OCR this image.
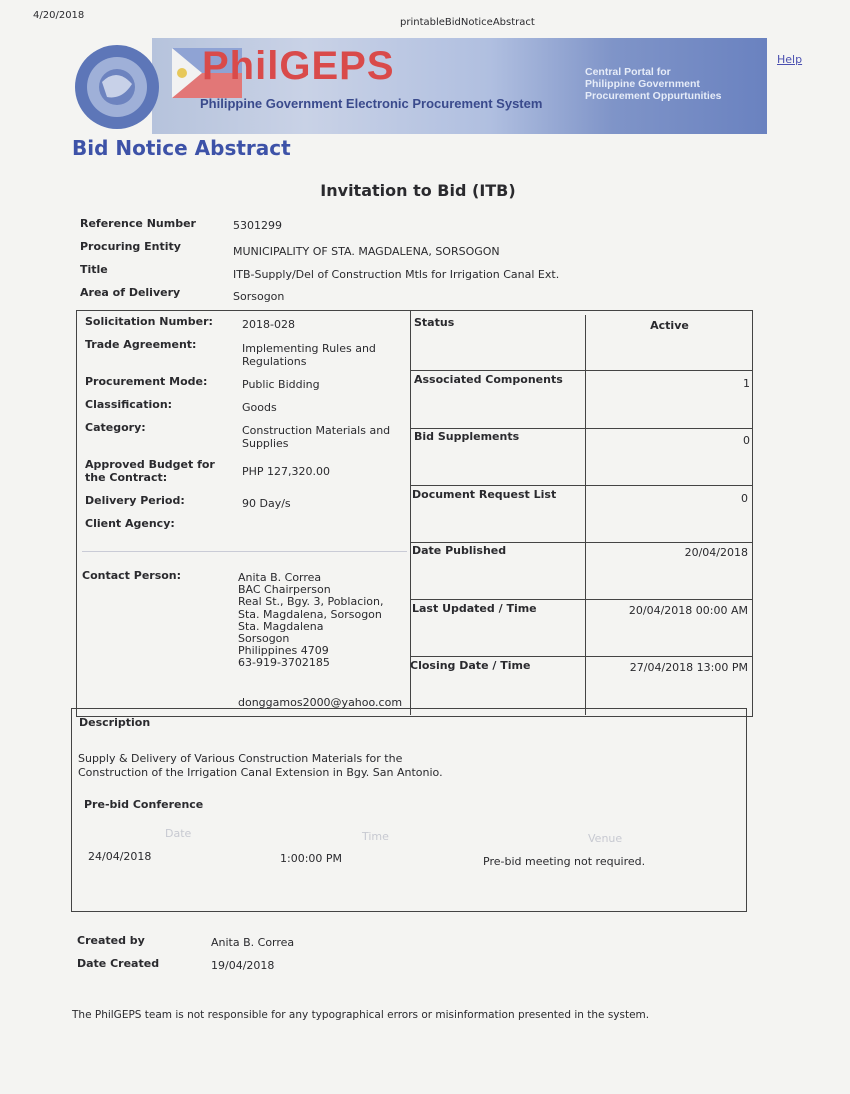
4/20/2018
printableBidNoticeAbstract
Help
PhilGEPS
Philippine Government Electronic Procurement System
Central Portal for
Philippine Government
Procurement Oppurtunities
Bid Notice Abstract
Invitation to Bid (ITB)
Reference Number	5301299
Procuring Entity	MUNICIPALITY OF STA. MAGDALENA, SORSOGON
Title	ITB-Supply/Del of Construction Mtls for Irrigation Canal Ext.
Area of Delivery	Sorsogon
Solicitation Number:	2018-028
Trade Agreement:	Implementing Rules and
Regulations
Procurement Mode:	Public Bidding
Classification:	Goods
Category:	Construction Materials and
Supplies
Approved Budget for
the Contract:	PHP 127,320.00
Delivery Period:	90 Day/s
Client Agency:
Contact Person:	Anita B. Correa
BAC Chairperson
Real St., Bgy. 3, Poblacion,
Sta. Magdalena, Sorsogon
Sta. Magdalena
Sorsogon
Philippines 4709
63-919-3702185
donggamos2000@yahoo.com
Status	Active
Associated Components	1
Bid Supplements	0
Document Request List	0
Date Published	20/04/2018
Last Updated / Time	20/04/2018 00:00 AM
Closing Date / Time	27/04/2018 13:00 PM
Description
Supply & Delivery of Various Construction Materials for the
Construction of the Irrigation Canal Extension in Bgy. San Antonio.
Pre-bid Conference
Date	Time	Venue
24/04/2018	1:00:00 PM	Pre-bid meeting not required.
Created by	Anita B. Correa
Date Created	19/04/2018
The PhilGEPS team is not responsible for any typographical errors or misinformation presented in the system.
